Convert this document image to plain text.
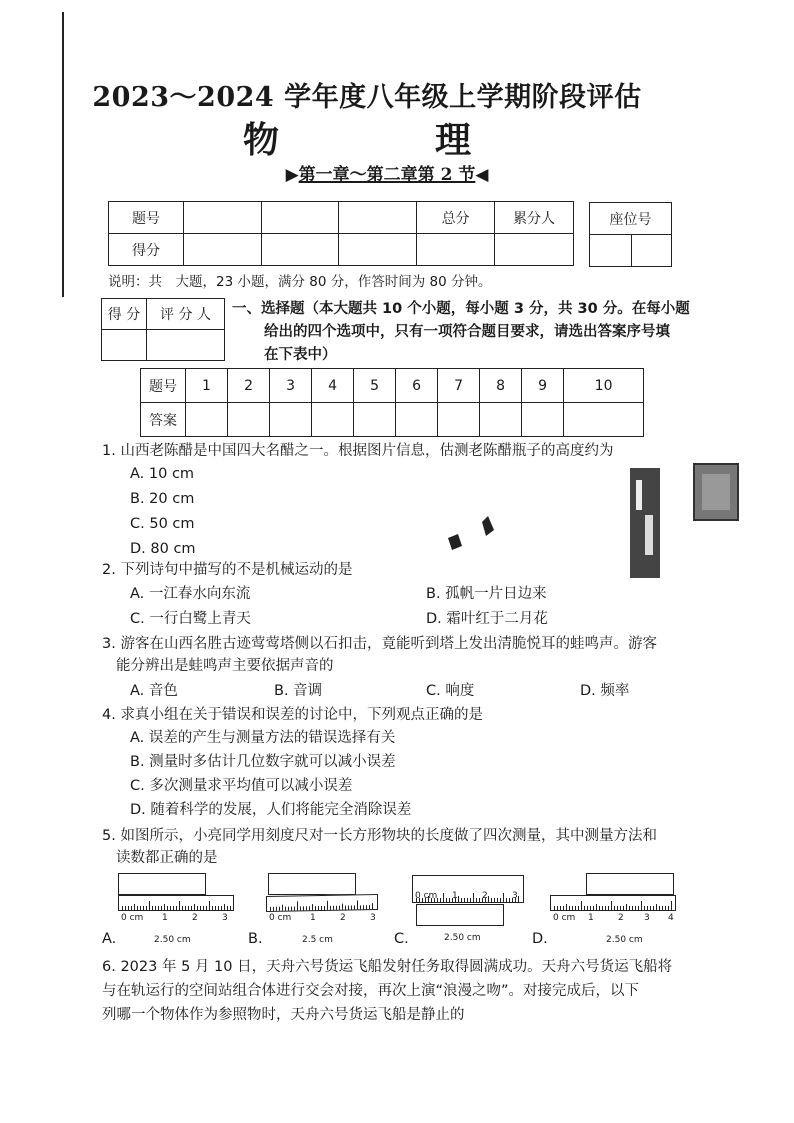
2023～2024 学年度八年级上学期阶段评估
物　理
▶第一章～第二章第 2 节◀
题号				总分	累分人
得分					
座位号

说明：共　大题，23 小题，满分 80 分，作答时间为 80 分钟。
得 分	评 分 人
	一、选择题（本大题共 10 个小题，每小题 3 分，共 30 分。在每小题
给出的四个选项中，只有一项符合题目要求，请选出答案序号填
在下表中）
题号	1	2	3	4	5	6	7	8	9	10
答案										
1. 山西老陈醋是中国四大名醋之一。根据图片信息，估测老陈醋瓶子的高度约为
A. 10 cm
B. 20 cm
C. 50 cm
D. 80 cm
2. 下列诗句中描写的不是机械运动的是
A. 一江春水向东流	B. 孤帆一片日边来
C. 一行白鹭上青天	D. 霜叶红于二月花
3. 游客在山西名胜古迹莺莺塔侧以石扣击，竟能听到塔上发出清脆悦耳的蛙鸣声。游客
能分辨出是蛙鸣声主要依据声音的
A. 音色	B. 音调	C. 响度	D. 频率
4. 求真小组在关于错误和误差的讨论中，下列观点正确的是
A. 误差的产生与测量方法的错误选择有关
B. 测量时多估计几位数字就可以减小误差
C. 多次测量求平均值可以减小误差
D. 随着科学的发展，人们将能完全消除误差
5. 如图所示，小亮同学用刻度尺对一长方形物块的长度做了四次测量，其中测量方法和
读数都正确的是
0 cm 1	2	3
2.50 cm
A.
0 cm 1	2	3
2.5 cm
B.
0 cm 1	2	3
2.50 cm
C.
0 cm 1	2 3 4
2.50 cm
D.
6. 2023 年 5 月 10 日，天舟六号货运飞船发射任务取得圆满成功。天舟六号货运飞船将
与在轨运行的空间站组合体进行交会对接，再次上演“浪漫之吻”。对接完成后，以下
列哪一个物体作为参照物时，天舟六号货运飞船是静止的
